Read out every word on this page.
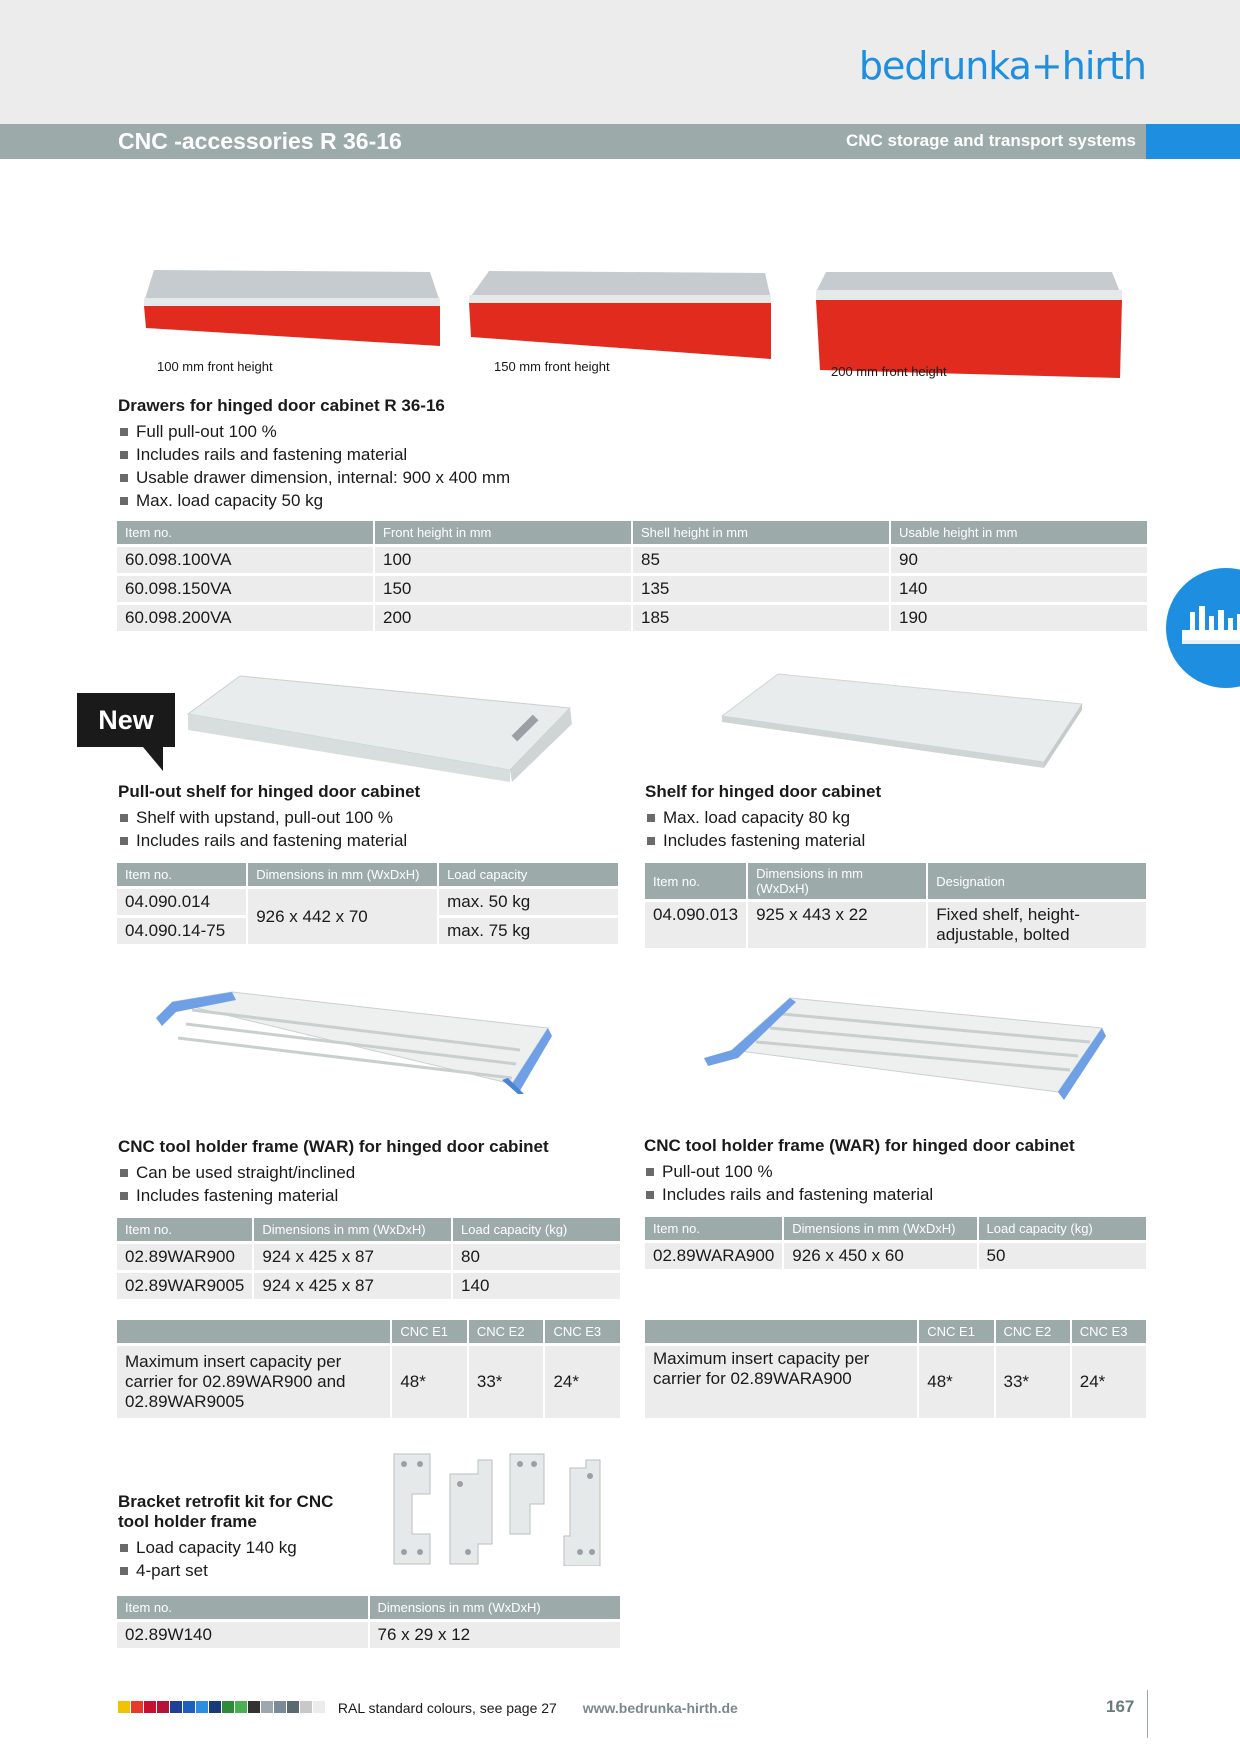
bedrunka+hirth
CNC -accessories R 36-16	CNC storage and transport systems
100 mm front height	150 mm front height	200 mm front height
Drawers for hinged door cabinet R 36-16
Full pull-out 100 %
Includes rails and fastening material
Usable drawer dimension, internal: 900 x 400 mm
Max. load capacity 50 kg
Item no.	Front height in mm	Shell height in mm	Usable height in mm
60.098.100VA	100	85	90
60.098.150VA	150	135	140
60.098.200VA	200	185	190
New
Pull-out shelf for hinged door cabinet
Shelf with upstand, pull-out 100 %
Includes rails and fastening material
Item no.	Dimensions in mm (WxDxH)	Load capacity
04.090.014	926 x 442 x 70	max. 50 kg
04.090.14-75		max. 75 kg
Shelf for hinged door cabinet
Max. load capacity 80 kg
Includes fastening material
Item no.	Dimensions in mm (WxDxH)	Designation
04.090.013	925 x 443 x 22	Fixed shelf, height-adjustable, bolted
CNC tool holder frame (WAR) for hinged door cabinet
Can be used straight/inclined
Includes fastening material
Item no.	Dimensions in mm (WxDxH)	Load capacity (kg)
02.89WAR900	924 x 425 x 87	80
02.89WAR9005	924 x 425 x 87	140
	CNC E1	CNC E2	CNC E3
Maximum insert capacity per carrier for 02.89WAR900 and 02.89WAR9005	48*	33*	24*
CNC tool holder frame (WAR) for hinged door cabinet
Pull-out 100 %
Includes rails and fastening material
Item no.	Dimensions in mm (WxDxH)	Load capacity (kg)
02.89WARA900	926 x 450 x 60	50
	CNC E1	CNC E2	CNC E3
Maximum insert capacity per carrier for 02.89WARA900	48*	33*	24*
Bracket retrofit kit for CNC
tool holder frame
Load capacity 140 kg
4-part set
Item no.	Dimensions in mm (WxDxH)
02.89W140	76 x 29 x 12
RAL standard colours, see page 27 www.bedrunka-hirth.de	167
